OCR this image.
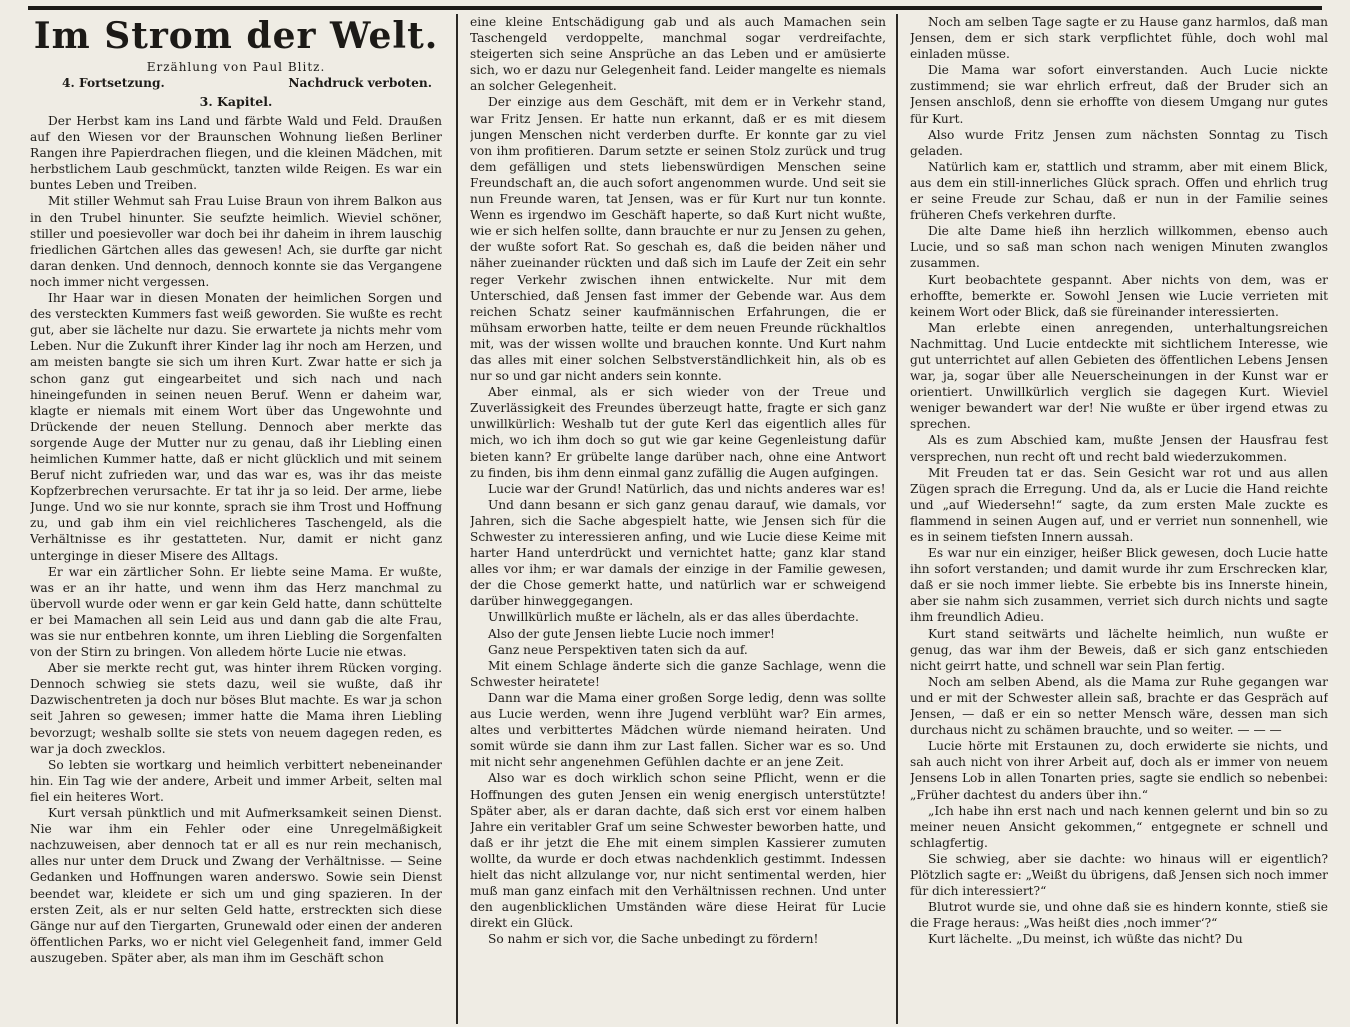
Im Strom der Welt.
Erzählung von Paul Blitz.
4. Fortsetzung.	Nachdruck verboten.
3. Kapitel.

Der Herbst kam ins Land und färbte Wald und Feld. Draußen auf den Wiesen vor der Braunschen Wohnung ließen Berliner Rangen ihre Papierdrachen fliegen, und die kleinen Mädchen, mit herbstlichem Laub geschmückt, tanzten wilde Reigen. Es war ein buntes Leben und Treiben.

Mit stiller Wehmut sah Frau Luise Braun von ihrem Balkon aus in den Trubel hinunter. Sie seufzte heimlich. Wieviel schöner, stiller und poesievoller war doch bei ihr daheim in ihrem lauschig friedlichen Gärtchen alles das gewesen! Ach, sie durfte gar nicht daran denken. Und dennoch, dennoch konnte sie das Vergangene noch immer nicht vergessen.

Ihr Haar war in diesen Monaten der heimlichen Sorgen und des versteckten Kummers fast weiß geworden. Sie wußte es recht gut, aber sie lächelte nur dazu. Sie erwartete ja nichts mehr vom Leben. Nur die Zukunft ihrer Kinder lag ihr noch am Herzen, und am meisten bangte sie sich um ihren Kurt. Zwar hatte er sich ja schon ganz gut eingearbeitet und sich nach und nach hineingefunden in seinen neuen Beruf. Wenn er daheim war, klagte er niemals mit einem Wort über das Ungewohnte und Drückende der neuen Stellung. Dennoch aber merkte das sorgende Auge der Mutter nur zu genau, daß ihr Liebling einen heimlichen Kummer hatte, daß er nicht glücklich und mit seinem Beruf nicht zufrieden war, und das war es, was ihr das meiste Kopfzerbrechen verursachte. Er tat ihr ja so leid. Der arme, liebe Junge. Und wo sie nur konnte, sprach sie ihm Trost und Hoffnung zu, und gab ihm ein viel reichlicheres Taschengeld, als die Verhältnisse es ihr gestatteten. Nur, damit er nicht ganz unterginge in dieser Misere des Alltags.

Er war ein zärtlicher Sohn. Er liebte seine Mama. Er wußte, was er an ihr hatte, und wenn ihm das Herz manchmal zu übervoll wurde oder wenn er gar kein Geld hatte, dann schüttelte er bei Mamachen all sein Leid aus und dann gab die alte Frau, was sie nur entbehren konnte, um ihren Liebling die Sorgenfalten von der Stirn zu bringen. Von alledem hörte Lucie nie etwas.

Aber sie merkte recht gut, was hinter ihrem Rücken vorging. Dennoch schwieg sie stets dazu, weil sie wußte, daß ihr Dazwischentreten ja doch nur böses Blut machte. Es war ja schon seit Jahren so gewesen; immer hatte die Mama ihren Liebling bevorzugt; weshalb sollte sie stets von neuem dagegen reden, es war ja doch zwecklos.

So lebten sie wortkarg und heimlich verbittert nebeneinander hin. Ein Tag wie der andere, Arbeit und immer Arbeit, selten mal fiel ein heiteres Wort.

Kurt versah pünktlich und mit Aufmerksamkeit seinen Dienst. Nie war ihm ein Fehler oder eine Unregelmäßigkeit nachzuweisen, aber dennoch tat er all es nur rein mechanisch, alles nur unter dem Druck und Zwang der Verhältnisse. — Seine Gedanken und Hoffnungen waren anderswo. Sowie sein Dienst beendet war, kleidete er sich um und ging spazieren. In der ersten Zeit, als er nur selten Geld hatte, erstreckten sich diese Gänge nur auf den Tiergarten, Grunewald oder einen der anderen öffentlichen Parks, wo er nicht viel Gelegenheit fand, immer Geld auszugeben. Später aber, als man ihm im Geschäft schon

eine kleine Entschädigung gab und als auch Mamachen sein Taschengeld verdoppelte, manchmal sogar verdreifachte, steigerten sich seine Ansprüche an das Leben und er amüsierte sich, wo er dazu nur Gelegenheit fand. Leider mangelte es niemals an solcher Gelegenheit.

Der einzige aus dem Geschäft, mit dem er in Verkehr stand, war Fritz Jensen. Er hatte nun erkannt, daß er es mit diesem jungen Menschen nicht verderben durfte. Er konnte gar zu viel von ihm profitieren. Darum setzte er seinen Stolz zurück und trug dem gefälligen und stets liebenswürdigen Menschen seine Freundschaft an, die auch sofort angenommen wurde. Und seit sie nun Freunde waren, tat Jensen, was er für Kurt nur tun konnte. Wenn es irgendwo im Geschäft haperte, so daß Kurt nicht wußte, wie er sich helfen sollte, dann brauchte er nur zu Jensen zu gehen, der wußte sofort Rat. So geschah es, daß die beiden näher und näher zueinander rückten und daß sich im Laufe der Zeit ein sehr reger Verkehr zwischen ihnen entwickelte. Nur mit dem Unterschied, daß Jensen fast immer der Gebende war. Aus dem reichen Schatz seiner kaufmännischen Erfahrungen, die er mühsam erworben hatte, teilte er dem neuen Freunde rückhaltlos mit, was der wissen wollte und brauchen konnte. Und Kurt nahm das alles mit einer solchen Selbstverständlichkeit hin, als ob es nur so und gar nicht anders sein konnte.

Aber einmal, als er sich wieder von der Treue und Zuverlässigkeit des Freundes überzeugt hatte, fragte er sich ganz unwillkürlich: Weshalb tut der gute Kerl das eigentlich alles für mich, wo ich ihm doch so gut wie gar keine Gegenleistung dafür bieten kann? Er grübelte lange darüber nach, ohne eine Antwort zu finden, bis ihm denn einmal ganz zufällig die Augen aufgingen.

Lucie war der Grund! Natürlich, das und nichts anderes war es!

Und dann besann er sich ganz genau darauf, wie damals, vor Jahren, sich die Sache abgespielt hatte, wie Jensen sich für die Schwester zu interessieren anfing, und wie Lucie diese Keime mit harter Hand unterdrückt und vernichtet hatte; ganz klar stand alles vor ihm; er war damals der einzige in der Familie gewesen, der die Chose gemerkt hatte, und natürlich war er schweigend darüber hinweggegangen.

Unwillkürlich mußte er lächeln, als er das alles überdachte.

Also der gute Jensen liebte Lucie noch immer!

Ganz neue Perspektiven taten sich da auf.

Mit einem Schlage änderte sich die ganze Sachlage, wenn die Schwester heiratete!

Dann war die Mama einer großen Sorge ledig, denn was sollte aus Lucie werden, wenn ihre Jugend verblüht war? Ein armes, altes und verbittertes Mädchen würde niemand heiraten. Und somit würde sie dann ihm zur Last fallen. Sicher war es so. Und mit nicht sehr angenehmen Gefühlen dachte er an jene Zeit.

Also war es doch wirklich schon seine Pflicht, wenn er die Hoffnungen des guten Jensen ein wenig energisch unterstützte! Später aber, als er daran dachte, daß sich erst vor einem halben Jahre ein veritabler Graf um seine Schwester beworben hatte, und daß er ihr jetzt die Ehe mit einem simplen Kassierer zumuten wollte, da wurde er doch etwas nachdenklich gestimmt. Indessen hielt das nicht allzulange vor, nur nicht sentimental werden, hier muß man ganz einfach mit den Verhältnissen rechnen. Und unter den augenblicklichen Umständen wäre diese Heirat für Lucie direkt ein Glück.

So nahm er sich vor, die Sache unbedingt zu fördern!

Noch am selben Tage sagte er zu Hause ganz harmlos, daß man Jensen, dem er sich stark verpflichtet fühle, doch wohl mal einladen müsse.

Die Mama war sofort einverstanden. Auch Lucie nickte zustimmend; sie war ehrlich erfreut, daß der Bruder sich an Jensen anschloß, denn sie erhoffte von diesem Umgang nur gutes für Kurt.

Also wurde Fritz Jensen zum nächsten Sonntag zu Tisch geladen.

Natürlich kam er, stattlich und stramm, aber mit einem Blick, aus dem ein still-innerliches Glück sprach. Offen und ehrlich trug er seine Freude zur Schau, daß er nun in der Familie seines früheren Chefs verkehren durfte.

Die alte Dame hieß ihn herzlich willkommen, ebenso auch Lucie, und so saß man schon nach wenigen Minuten zwanglos zusammen.

Kurt beobachtete gespannt. Aber nichts von dem, was er erhoffte, bemerkte er. Sowohl Jensen wie Lucie verrieten mit keinem Wort oder Blick, daß sie füreinander interessierten.

Man erlebte einen anregenden, unterhaltungsreichen Nachmittag. Und Lucie entdeckte mit sichtlichem Interesse, wie gut unterrichtet auf allen Gebieten des öffentlichen Lebens Jensen war, ja, sogar über alle Neuerscheinungen in der Kunst war er orientiert. Unwillkürlich verglich sie dagegen Kurt. Wieviel weniger bewandert war der! Nie wußte er über irgend etwas zu sprechen.

Als es zum Abschied kam, mußte Jensen der Hausfrau fest versprechen, nun recht oft und recht bald wiederzukommen.

Mit Freuden tat er das. Sein Gesicht war rot und aus allen Zügen sprach die Erregung. Und da, als er Lucie die Hand reichte und „auf Wiedersehn!“ sagte, da zum ersten Male zuckte es flammend in seinen Augen auf, und er verriet nun sonnenhell, wie es in seinem tiefsten Innern aussah.

Es war nur ein einziger, heißer Blick gewesen, doch Lucie hatte ihn sofort verstanden; und damit wurde ihr zum Erschrecken klar, daß er sie noch immer liebte. Sie erbebte bis ins Innerste hinein, aber sie nahm sich zusammen, verriet sich durch nichts und sagte ihm freundlich Adieu.

Kurt stand seitwärts und lächelte heimlich, nun wußte er genug, das war ihm der Beweis, daß er sich ganz entschieden nicht geirrt hatte, und schnell war sein Plan fertig.

Noch am selben Abend, als die Mama zur Ruhe gegangen war und er mit der Schwester allein saß, brachte er das Gespräch auf Jensen, — daß er ein so netter Mensch wäre, dessen man sich durchaus nicht zu schämen brauchte, und so weiter. — — —

Lucie hörte mit Erstaunen zu, doch erwiderte sie nichts, und sah auch nicht von ihrer Arbeit auf, doch als er immer von neuem Jensens Lob in allen Tonarten pries, sagte sie endlich so nebenbei: „Früher dachtest du anders über ihn.“

„Ich habe ihn erst nach und nach kennen gelernt und bin so zu meiner neuen Ansicht gekommen,“ entgegnete er schnell und schlagfertig.

Sie schwieg, aber sie dachte: wo hinaus will er eigentlich? Plötzlich sagte er: „Weißt du übrigens, daß Jensen sich noch immer für dich interessiert?“

Blutrot wurde sie, und ohne daß sie es hindern konnte, stieß sie die Frage heraus: „Was heißt dies ,noch immer‘?“

Kurt lächelte. „Du meinst, ich wüßte das nicht? Du
